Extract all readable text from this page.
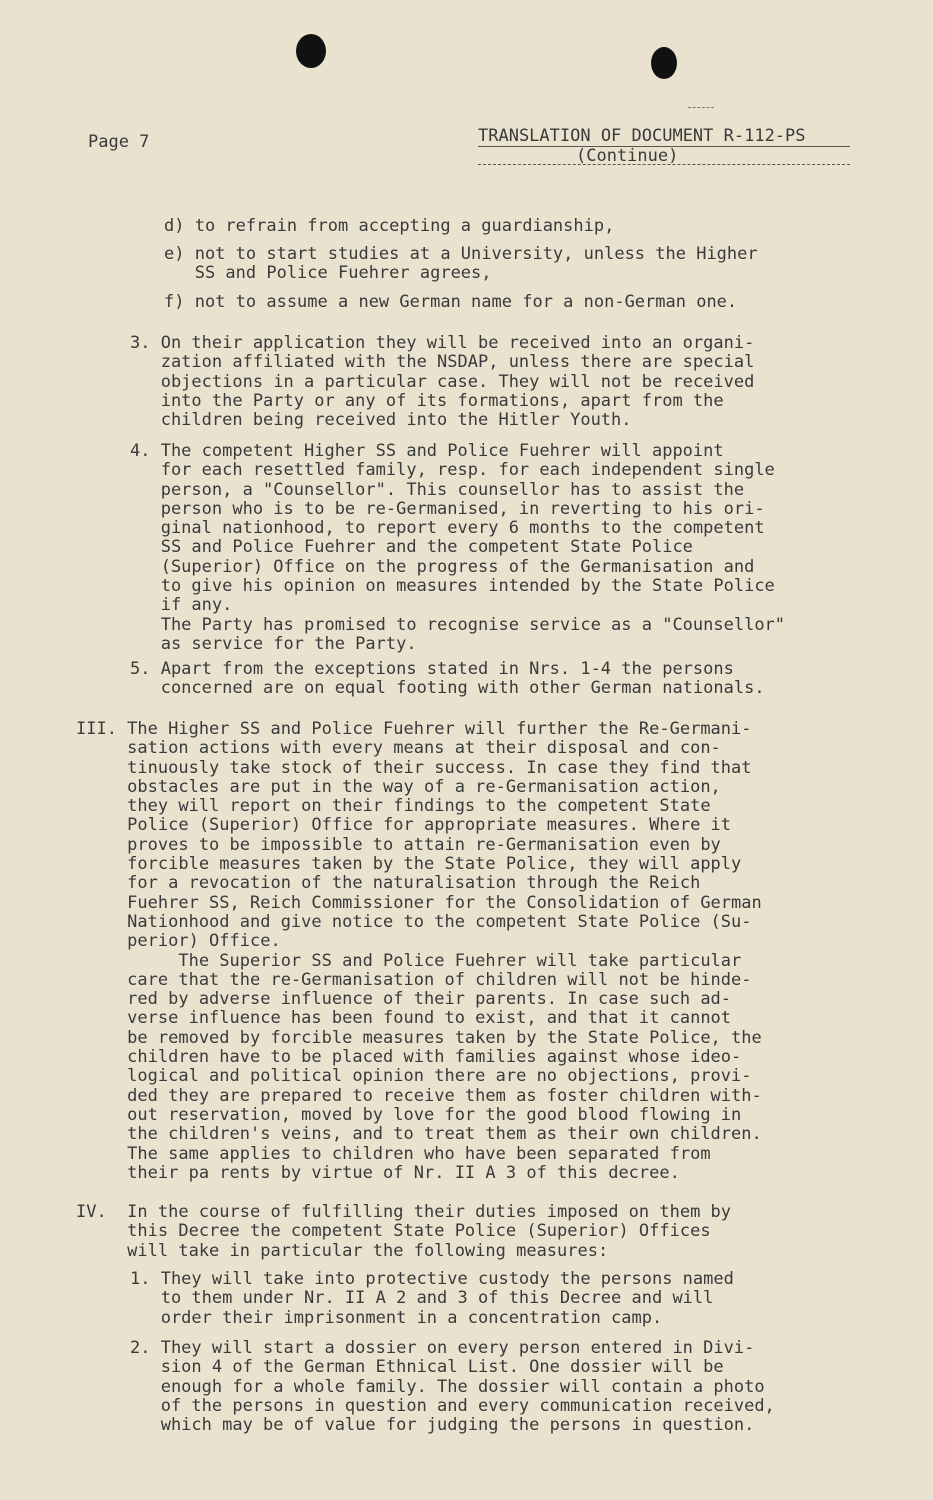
Page 7	TRANSLATION OF DOCUMENT R-112-PS
(Continue)
d) to refrain from accepting a guardianship,
e) not to start studies at a University, unless the Higher
SS and Police Fuehrer agrees,
f) not to assume a new German name for a non-German one.
3. On their application they will be received into an organi-
zation affiliated with the NSDAP, unless there are special
objections in a particular case. They will not be received
into the Party or any of its formations, apart from the
children being received into the Hitler Youth.
4. The competent Higher SS and Police Fuehrer will appoint
for each resettled family, resp. for each independent single
person, a "Counsellor". This counsellor has to assist the
person who is to be re-Germanised, in reverting to his ori-
ginal nationhood, to report every 6 months to the competent
SS and Police Fuehrer and the competent State Police
(Superior) Office on the progress of the Germanisation and
to give his opinion on measures intended by the State Police
if any.
The Party has promised to recognise service as a "Counsellor"
as service for the Party.
5. Apart from the exceptions stated in Nrs. 1-4 the persons
concerned are on equal footing with other German nationals.
III. The Higher SS and Police Fuehrer will further the Re-Germani-
sation actions with every means at their disposal and con-
tinuously take stock of their success. In case they find that
obstacles are put in the way of a re-Germanisation action,
they will report on their findings to the competent State
Police (Superior) Office for appropriate measures. Where it
proves to be impossible to attain re-Germanisation even by
forcible measures taken by the State Police, they will apply
for a revocation of the naturalisation through the Reich
Fuehrer SS, Reich Commissioner for the Consolidation of German
Nationhood and give notice to the competent State Police (Su-
perior) Office.
The Superior SS and Police Fuehrer will take particular
care that the re-Germanisation of children will not be hinde-
red by adverse influence of their parents. In case such ad-
verse influence has been found to exist, and that it cannot
be removed by forcible measures taken by the State Police, the
children have to be placed with families against whose ideo-
logical and political opinion there are no objections, provi-
ded they are prepared to receive them as foster children with-
out reservation, moved by love for the good blood flowing in
the children's veins, and to treat them as their own children.
The same applies to children who have been separated from
their pa rents by virtue of Nr. II A 3 of this decree.
IV.  In the course of fulfilling their duties imposed on them by
this Decree the competent State Police (Superior) Offices
will take in particular the following measures:
1. They will take into protective custody the persons named
to them under Nr. II A 2 and 3 of this Decree and will
order their imprisonment in a concentration camp.
2. They will start a dossier on every person entered in Divi-
sion 4 of the German Ethnical List. One dossier will be
enough for a whole family. The dossier will contain a photo
of the persons in question and every communication received,
which may be of value for judging the persons in question.
